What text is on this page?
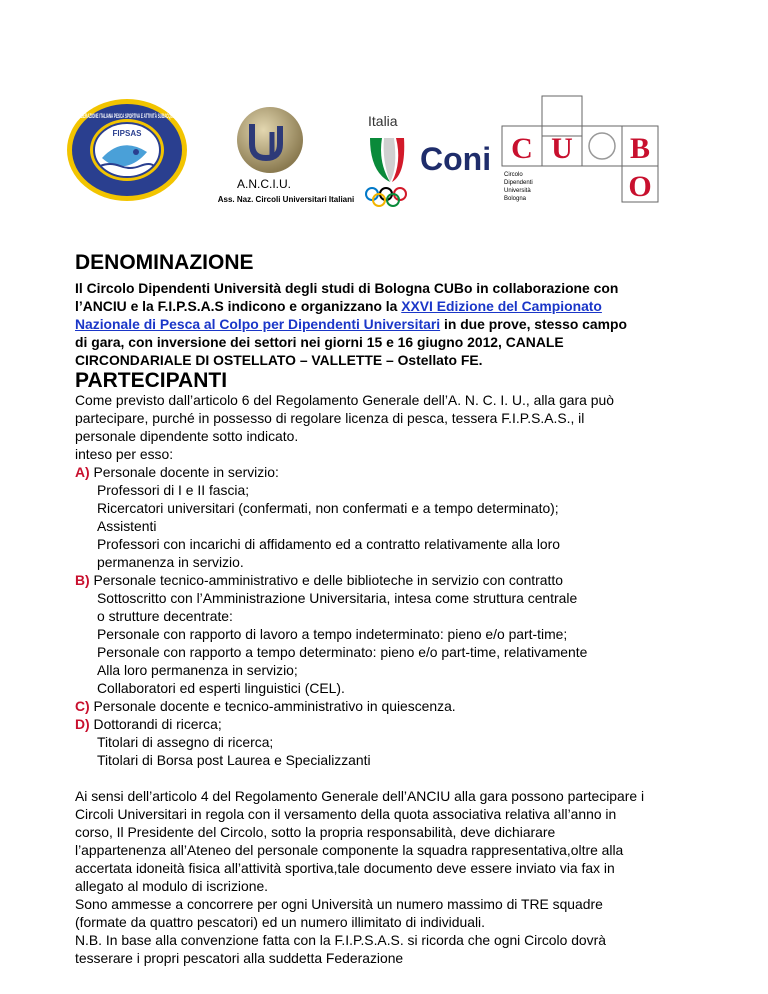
FEDERAZIONE ITALIANA PESCA SPORTIVA E ATTIVITÀ SUBACQUEE
FIPSAS
A.N.C.I.U.
Ass. Naz. Circoli Universitari Italiani
Italia
Coni C U B
O
Circolo
Dipendenti
Università
Bologna
DENOMINAZIONE
Il Circolo Dipendenti Università degli studi di Bologna CUBo in collaborazione con
l’ANCIU e la F.I.P.S.A.S indicono e organizzano la XXVI Edizione del Campionato
Nazionale di Pesca al Colpo per Dipendenti Universitari in due prove, stesso campo
di gara, con inversione dei settori nei giorni 15 e 16 giugno 2012, CANALE
CIRCONDARIALE DI OSTELLATO – VALLETTE – Ostellato FE.
PARTECIPANTI
Come previsto dall’articolo 6 del Regolamento Generale dell’A. N. C. I. U., alla gara può
partecipare, purché in possesso di regolare licenza di pesca, tessera F.I.P.S.A.S., il
personale dipendente sotto indicato.
inteso per esso:
A) Personale docente in servizio:
Professori di I e II fascia;
Ricercatori universitari (confermati, non confermati e a tempo determinato);
Assistenti
Professori con incarichi di affidamento ed a contratto relativamente alla loro
permanenza in servizio.
B) Personale tecnico-amministrativo e delle biblioteche in servizio con contratto
Sottoscritto con l’Amministrazione Universitaria, intesa come struttura centrale
o strutture decentrate:
Personale con rapporto di lavoro a tempo indeterminato: pieno e/o part-time;
Personale con rapporto a tempo determinato: pieno e/o part-time, relativamente
Alla loro permanenza in servizio;
Collaboratori ed esperti linguistici (CEL).
C) Personale docente e tecnico-amministrativo in quiescenza.
D) Dottorandi di ricerca;
Titolari di assegno di ricerca;
Titolari di Borsa post Laurea e Specializzanti
Ai sensi dell’articolo 4 del Regolamento Generale dell’ANCIU alla gara possono partecipare i
Circoli Universitari in regola con il versamento della quota associativa relativa all’anno in
corso, Il Presidente del Circolo, sotto la propria responsabilità, deve dichiarare
l’appartenenza all’Ateneo del personale componente la squadra rappresentativa,oltre alla
accertata idoneità fisica all’attività sportiva,tale documento deve essere inviato via fax in
allegato al modulo di iscrizione.
Sono ammesse a concorrere per ogni Università un numero massimo di TRE squadre
(formate da quattro pescatori) ed un numero illimitato di individuali.
N.B. In base alla convenzione fatta con la F.I.P.S.A.S. si ricorda che ogni Circolo dovrà
tesserare i propri pescatori alla suddetta Federazione
